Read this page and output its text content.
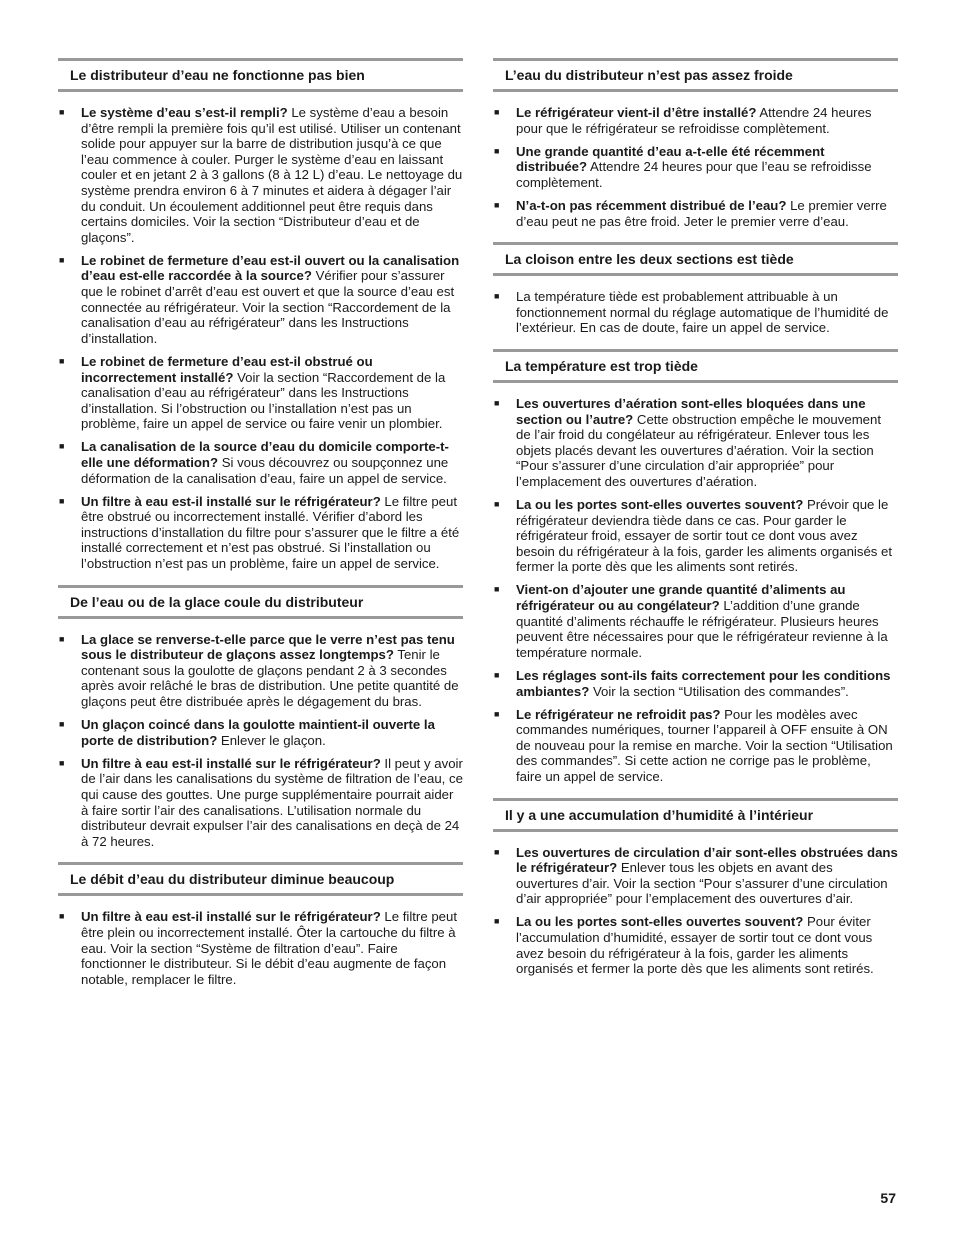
Le distributeur d’eau ne fonctionne pas bien
■	Le système d’eau s’est-il rempli? Le système d’eau a besoin d’être rempli la première fois qu’il est utilisé. Utiliser un contenant solide pour appuyer sur la barre de distribution jusqu’à ce que l’eau commence à couler. Purger le système d’eau en laissant couler et en jetant 2 à 3 gallons (8 à 12 L) d’eau. Le nettoyage du système prendra environ 6 à 7 minutes et aidera à dégager l’air du conduit. Un écoulement additionnel peut être requis dans certains domiciles. Voir la section “Distributeur d’eau et de glaçons”.
■	Le robinet de fermeture d’eau est-il ouvert ou la canalisation d’eau est-elle raccordée à la source? Vérifier pour s’assurer que le robinet d’arrêt d’eau est ouvert et que la source d’eau est connectée au réfrigérateur. Voir la section “Raccordement de la canalisation d’eau au réfrigérateur” dans les Instructions d’installation.
■	Le robinet de fermeture d’eau est-il obstrué ou incorrectement installé? Voir la section “Raccordement de la canalisation d’eau au réfrigérateur” dans les Instructions d’installation. Si l’obstruction ou l’installation n’est pas un problème, faire un appel de service ou faire venir un plombier.
■	La canalisation de la source d’eau du domicile comporte-t-elle une déformation? Si vous découvrez ou soupçonnez une déformation de la canalisation d’eau, faire un appel de service.
■	Un filtre à eau est-il installé sur le réfrigérateur? Le filtre peut être obstrué ou incorrectement installé. Vérifier d’abord les instructions d’installation du filtre pour s’assurer que le filtre a été installé correctement et n’est pas obstrué. Si l’installation ou l’obstruction n’est pas un problème, faire un appel de service.
De l’eau ou de la glace coule du distributeur
■	La glace se renverse-t-elle parce que le verre n’est pas tenu sous le distributeur de glaçons assez longtemps? Tenir le contenant sous la goulotte de glaçons pendant 2 à 3 secondes après avoir relâché le bras de distribution. Une petite quantité de glaçons peut être distribuée après le dégagement du bras.
■	Un glaçon coincé dans la goulotte maintient-il ouverte la porte de distribution? Enlever le glaçon.
■	Un filtre à eau est-il installé sur le réfrigérateur? Il peut y avoir de l’air dans les canalisations du système de filtration de l’eau, ce qui cause des gouttes. Une purge supplémentaire pourrait aider à faire sortir l’air des canalisations. L’utilisation normale du distributeur devrait expulser l’air des canalisations en deçà de 24 à 72 heures.
Le débit d’eau du distributeur diminue beaucoup
■	Un filtre à eau est-il installé sur le réfrigérateur? Le filtre peut être plein ou incorrectement installé. Ôter la cartouche du filtre à eau. Voir la section “Système de filtration d’eau”. Faire fonctionner le distributeur. Si le débit d’eau augmente de façon notable, remplacer le filtre.
L’eau du distributeur n’est pas assez froide
■	Le réfrigérateur vient-il d’être installé? Attendre 24 heures pour que le réfrigérateur se refroidisse complètement.
■	Une grande quantité d’eau a-t-elle été récemment distribuée? Attendre 24 heures pour que l’eau se refroidisse complètement.
■	N’a-t-on pas récemment distribué de l’eau? Le premier verre d’eau peut ne pas être froid. Jeter le premier verre d’eau.
La cloison entre les deux sections est tiède
■	La température tiède est probablement attribuable à un fonctionnement normal du réglage automatique de l’humidité de l’extérieur. En cas de doute, faire un appel de service.
La température est trop tiède
■	Les ouvertures d’aération sont-elles bloquées dans une section ou l’autre? Cette obstruction empêche le mouvement de l’air froid du congélateur au réfrigérateur. Enlever tous les objets placés devant les ouvertures d’aération. Voir la section “Pour s’assurer d’une circulation d’air appropriée” pour l’emplacement des ouvertures d’aération.
■	La ou les portes sont-elles ouvertes souvent? Prévoir que le réfrigérateur deviendra tiède dans ce cas. Pour garder le réfrigérateur froid, essayer de sortir tout ce dont vous avez besoin du réfrigérateur à la fois, garder les aliments organisés et fermer la porte dès que les aliments sont retirés.
■	Vient-on d’ajouter une grande quantité d’aliments au réfrigérateur ou au congélateur? L’addition d’une grande quantité d’aliments réchauffe le réfrigérateur. Plusieurs heures peuvent être nécessaires pour que le réfrigérateur revienne à la température normale.
■	Les réglages sont-ils faits correctement pour les conditions ambiantes? Voir la section “Utilisation des commandes”.
■	Le réfrigérateur ne refroidit pas? Pour les modèles avec commandes numériques, tourner l’appareil à OFF ensuite à ON de nouveau pour la remise en marche. Voir la section “Utilisation des commandes”. Si cette action ne corrige pas le problème, faire un appel de service.
Il y a une accumulation d’humidité à l’intérieur
■	Les ouvertures de circulation d’air sont-elles obstruées dans le réfrigérateur? Enlever tous les objets en avant des ouvertures d’air. Voir la section “Pour s’assurer d’une circulation d’air appropriée” pour l’emplacement des ouvertures d’air.
■	La ou les portes sont-elles ouvertes souvent? Pour éviter l’accumulation d’humidité, essayer de sortir tout ce dont vous avez besoin du réfrigérateur à la fois, garder les aliments organisés et fermer la porte dès que les aliments sont retirés.
57
